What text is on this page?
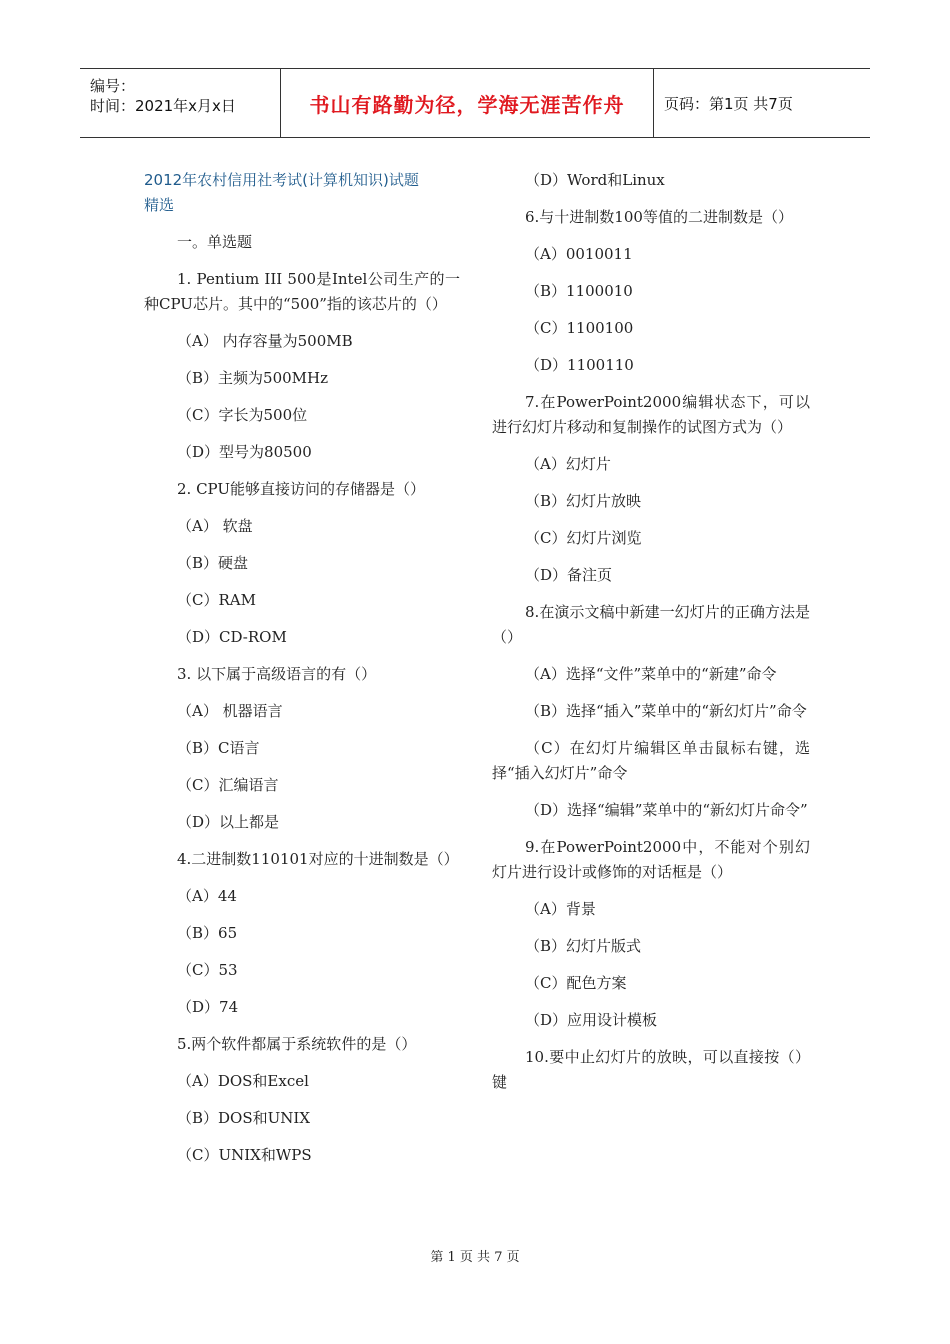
编号：
时间：2021年x月x日	书山有路勤为径，学海无涯苦作舟	页码：第1页 共7页

2012年农村信用社考试(计算机知识)试题
精选

一。单选题

1. Pentium III 500是Intel公司生产的一种CPU芯片。其中的“500”指的该芯片的（）

（A） 内存容量为500MB

（B）主频为500MHz

（C）字长为500位

（D）型号为80500

2. CPU能够直接访问的存储器是（）

（A） 软盘

（B）硬盘

（C）RAM

（D）CD-ROM

3. 以下属于高级语言的有（）

（A） 机器语言

（B）C语言

（C）汇编语言

（D）以上都是

4.二进制数110101对应的十进制数是（）

（A）44

（B）65

（C）53

（D）74

5.两个软件都属于系统软件的是（）

（A）DOS和Excel

（B）DOS和UNIX

（C）UNIX和WPS

（D）Word和Linux

6.与十进制数100等值的二进制数是（）

（A）0010011

（B）1100010

（C）1100100

（D）1100110

7.在PowerPoint2000编辑状态下，可以进行幻灯片移动和复制操作的试图方式为（）

（A）幻灯片

（B）幻灯片放映

（C）幻灯片浏览

（D）备注页

8.在演示文稿中新建一幻灯片的正确方法是（）

（A）选择“文件”菜单中的“新建”命令

（B）选择“插入”菜单中的“新幻灯片”命令

（C）在幻灯片编辑区单击鼠标右键，选择“插入幻灯片”命令

（D）选择“编辑”菜单中的“新幻灯片命令”

9.在PowerPoint2000中，不能对个别幻灯片进行设计或修饰的对话框是（）

（A）背景

（B）幻灯片版式

（C）配色方案

（D）应用设计模板

10.要中止幻灯片的放映，可以直接按（）键

第 1 页 共 7 页
